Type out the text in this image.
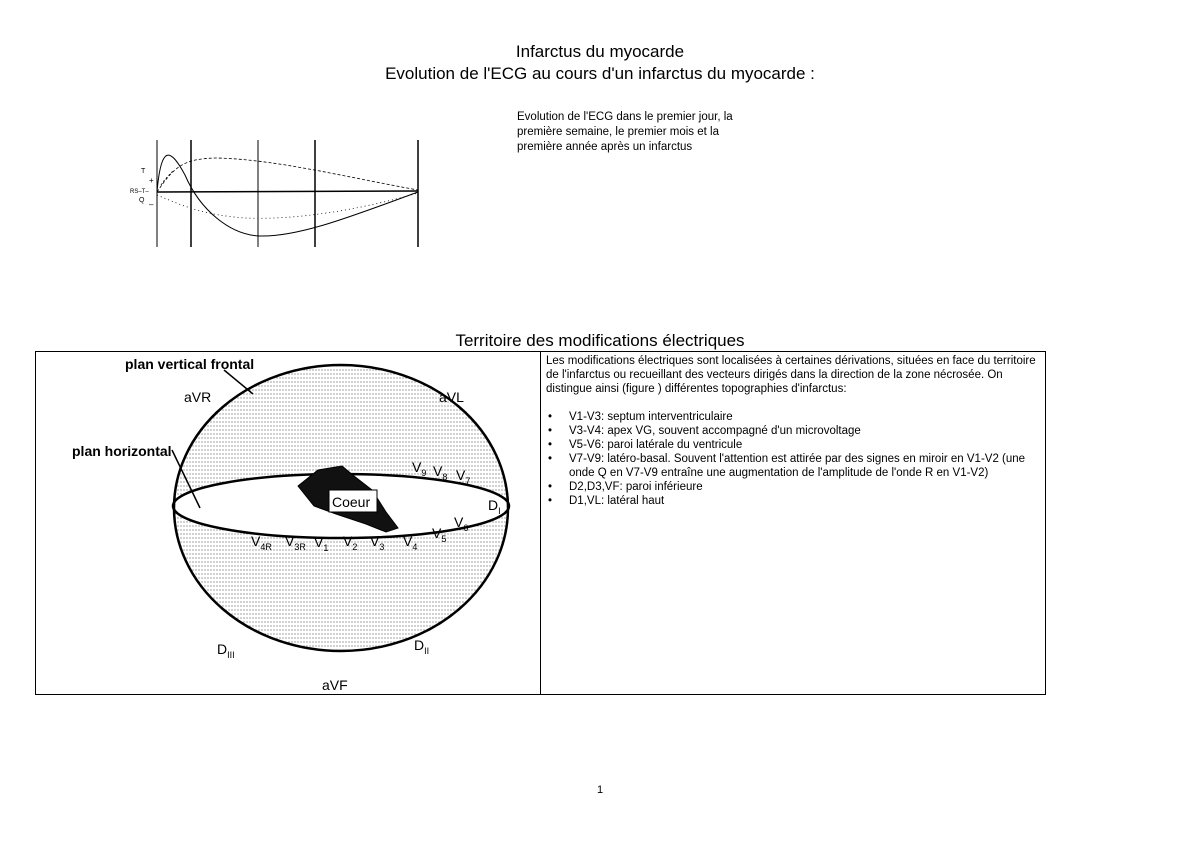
Infarctus du myocarde
Evolution de l'ECG au cours d'un infarctus du myocarde :
T
+
RS–T–
Q –
Evolution de l'ECG dans le premier jour, la première semaine, le premier mois et la première année après un infarctus
Territoire des modifications électriques
Coeur
plan vertical frontal
plan horizontal
aVR	aVL
aVF
$D_I$
$D_{II}$
$D_{III}$
$V_{4R}$ $V_{3R}$ $V_1$ $V_2$ $V_3$ $V_4$
$V_5$
$V_6$
$V_7$
$V_8$
$V_9$
Les modifications électriques sont localisées à certaines dérivations, situées en face du territoire de l'infarctus ou recueillant des vecteurs dirigés dans la direction de la zone nécrosée. On distingue ainsi (figure ) différentes topographies d'infarctus:
• V1-V3: septum interventriculaire
• V3-V4: apex VG, souvent accompagné d'un microvoltage
• V5-V6: paroi latérale du ventricule
• V7-V9: latéro-basal. Souvent l'attention est attirée par des signes en miroir en V1-V2 (une onde Q en V7-V9 entraîne une augmentation de l'amplitude de l'onde R en V1-V2)
• D2,D3,VF: paroi inférieure
• D1,VL: latéral haut
1
